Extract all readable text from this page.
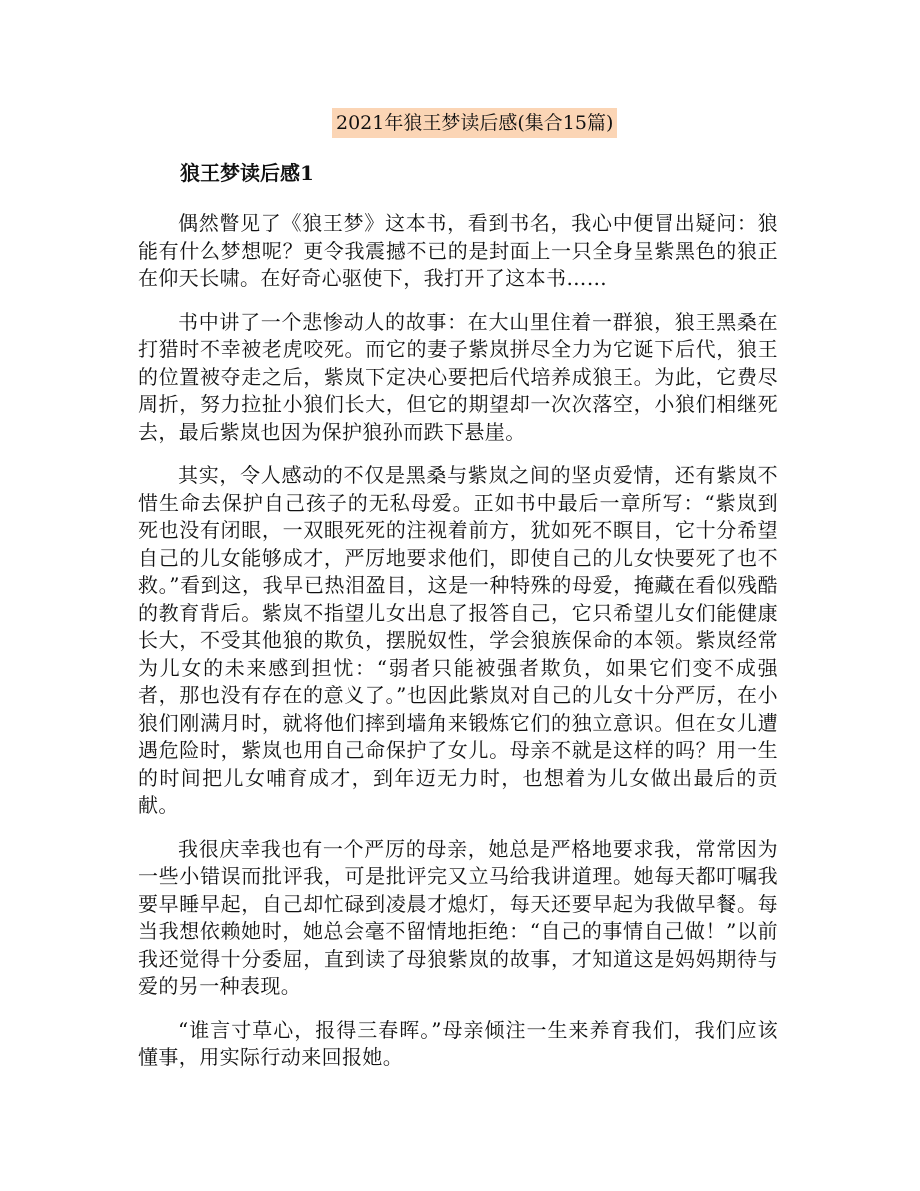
2021年狼王梦读后感(集合15篇)
狼王梦读后感1

偶然瞥见了《狼王梦》这本书，看到书名，我心中便冒出疑问：狼能有什么梦想呢？更令我震撼不已的是封面上一只全身呈紫黑色的狼正在仰天长啸。在好奇心驱使下，我打开了这本书……

书中讲了一个悲惨动人的故事：在大山里住着一群狼，狼王黑桑在打猎时不幸被老虎咬死。而它的妻子紫岚拼尽全力为它诞下后代，狼王的位置被夺走之后，紫岚下定决心要把后代培养成狼王。为此，它费尽周折，努力拉扯小狼们长大，但它的期望却一次次落空，小狼们相继死去，最后紫岚也因为保护狼孙而跌下悬崖。

其实，令人感动的不仅是黑桑与紫岚之间的坚贞爱情，还有紫岚不惜生命去保护自己孩子的无私母爱。正如书中最后一章所写：“紫岚到死也没有闭眼，一双眼死死的注视着前方，犹如死不瞑目，它十分希望自己的儿女能够成才，严厉地要求他们，即使自己的儿女快要死了也不救。”看到这，我早已热泪盈目，这是一种特殊的母爱，掩藏在看似残酷的教育背后。紫岚不指望儿女出息了报答自己，它只希望儿女们能健康长大，不受其他狼的欺负，摆脱奴性，学会狼族保命的本领。紫岚经常为儿女的未来感到担忧：“弱者只能被强者欺负，如果它们变不成强者，那也没有存在的意义了。”也因此紫岚对自己的儿女十分严厉，在小狼们刚满月时，就将他们摔到墙角来锻炼它们的独立意识。但在女儿遭遇危险时，紫岚也用自己命保护了女儿。母亲不就是这样的吗？用一生的时间把儿女哺育成才，到年迈无力时，也想着为儿女做出最后的贡献。

我很庆幸我也有一个严厉的母亲，她总是严格地要求我，常常因为一些小错误而批评我，可是批评完又立马给我讲道理。她每天都叮嘱我要早睡早起，自己却忙碌到凌晨才熄灯，每天还要早起为我做早餐。每当我想依赖她时，她总会毫不留情地拒绝：“自己的事情自己做！”以前我还觉得十分委屈，直到读了母狼紫岚的故事，才知道这是妈妈期待与爱的另一种表现。

“谁言寸草心，报得三春晖。”母亲倾注一生来养育我们，我们应该懂事，用实际行动来回报她。
